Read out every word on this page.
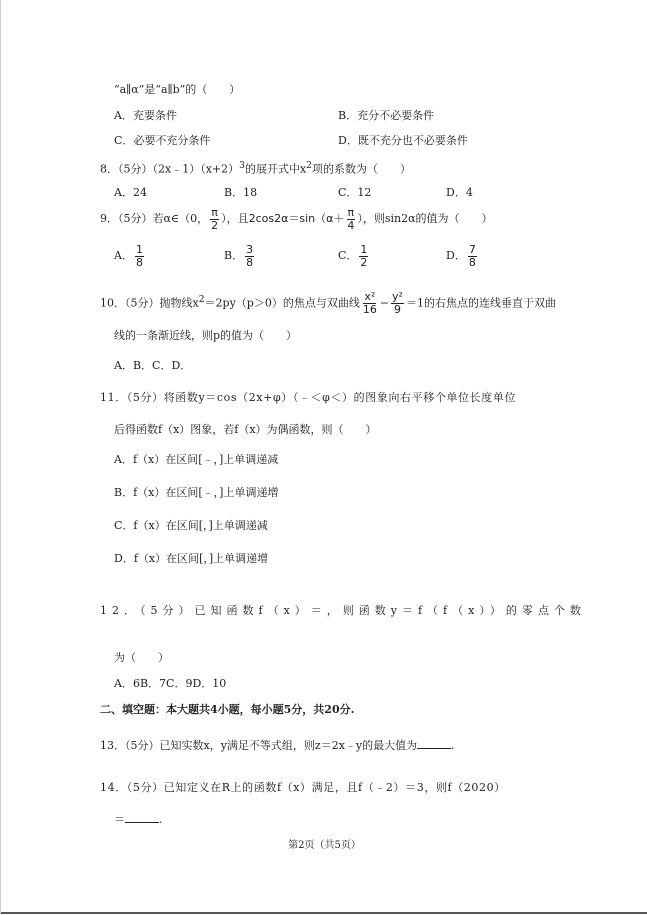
“a∥α”是“a∥b”的（　　）
A．充要条件	B．充分不必要条件
C．必要不充分条件	D．既不充分也不必要条件
8．（5分）$(2x﹣1)(x+2)^3$的展开式中$x^2$项的系数为（　　）
A．24	B．18	C．12	D．4
9．（5分）若α∈（0， $\frac{\pi}{2}$ ），且$2\cos 2\alpha=\sin(\alpha+ \frac{\pi}{4}$ ），则sin2α的值为（　　）
A． $\frac{1}{8}$	B． $\frac{3}{8}$	C． $\frac{1}{2}$	D． $\frac{7}{8}$
10．（5分）抛物线$x^2=2py(p>0)$的焦点与双曲线 $\frac{\text{x²}}{16} - \frac{\text{y²}}{9} =1$的右焦点的连线垂直于双曲
线的一条渐近线，则p的值为（　　）
A．B．C．D．
11．（5分）将函数y＝cos（2x+φ）（﹣＜φ＜）的图象向右平移个单位长度单位
后得函数f（x）图象，若f（x）为偶函数，则（　　）
A．f（x）在区间[﹣，]上单调递减
B．f（x）在区间[﹣，]上单调递增
C．f（x）在区间[，]上单调递减
D．f（x）在区间[，]上单调递增
12．（5分）已知函数f（x）＝，则函数y＝f（f（x））的零点个数
为（　　）
A．6B．7C．9D．10
二、填空题：本大题共4小题，每小题5分，共20分.
13．（5分）已知实数x，y满足不等式组，则z＝2x﹣y的最大值为	.
14．（5分）已知定义在R上的函数f（x）满足，且f（﹣2）＝3，则f（2020）
＝	.
第2页（共5页）
